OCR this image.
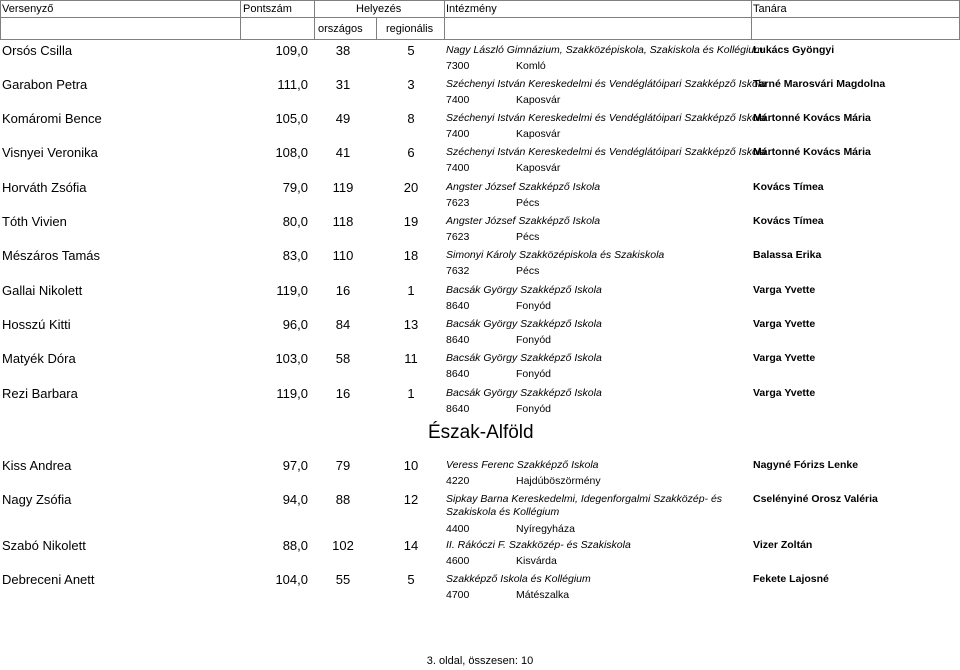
Versenyző	Pontszám	Helyezés
országos regionális
Intézmény	Tanára
Orsós Csilla	109,0	38	5	Nagy László Gimnázium, Szakközépiskola, Szakiskola és Kollégium
7300	Komló
Lukács Gyöngyi
Garabon Petra	111,0	31	3	Széchenyi István Kereskedelmi és Vendéglátóipari Szakképző Iskola
7400	Kaposvár
Tarné Marosvári Magdolna
Komáromi Bence	105,0	49	8	Széchenyi István Kereskedelmi és Vendéglátóipari Szakképző Iskola
7400	Kaposvár
Mártonné Kovács Mária
Visnyei Veronika	108,0	41	6	Széchenyi István Kereskedelmi és Vendéglátóipari Szakképző Iskola
7400	Kaposvár
Mártonné Kovács Mária
Horváth Zsófia	79,0	119	20	Angster József Szakképző Iskola
7623	Pécs
Kovács Tímea
Tóth Vivien	80,0	118	19	Angster József Szakképző Iskola
7623	Pécs
Kovács Tímea
Mészáros Tamás	83,0	110	18	Simonyi Károly Szakközépiskola és Szakiskola
7632	Pécs
Balassa Erika
Gallai Nikolett	119,0	16	1	Bacsák György Szakképző Iskola
8640	Fonyód
Varga Yvette
Hosszú Kitti	96,0	84	13	Bacsák György Szakképző Iskola
8640	Fonyód
Varga Yvette
Matyék Dóra	103,0	58	11	Bacsák György Szakképző Iskola
8640	Fonyód
Varga Yvette
Rezi Barbara	119,0	16	1	Bacsák György Szakképző Iskola
8640	Fonyód
Varga Yvette
Észak-Alföld
Kiss Andrea	97,0	79	10	Veress Ferenc Szakképző Iskola
4220	Hajdúböszörmény
Nagyné Fórizs Lenke
Nagy Zsófia	94,0	88	12	Sipkay Barna Kereskedelmi, Idegenforgalmi Szakközép- és Szakiskola és Kollégium
4400	Nyíregyháza
Cselényiné Orosz Valéria
Szabó Nikolett	88,0	102	14	II. Rákóczi F. Szakközép- és Szakiskola
4600	Kisvárda
Vizer Zoltán
Debreceni Anett	104,0	55	5	Szakképző Iskola és Kollégium
4700	Mátészalka
Fekete Lajosné
3. oldal, összesen: 10
